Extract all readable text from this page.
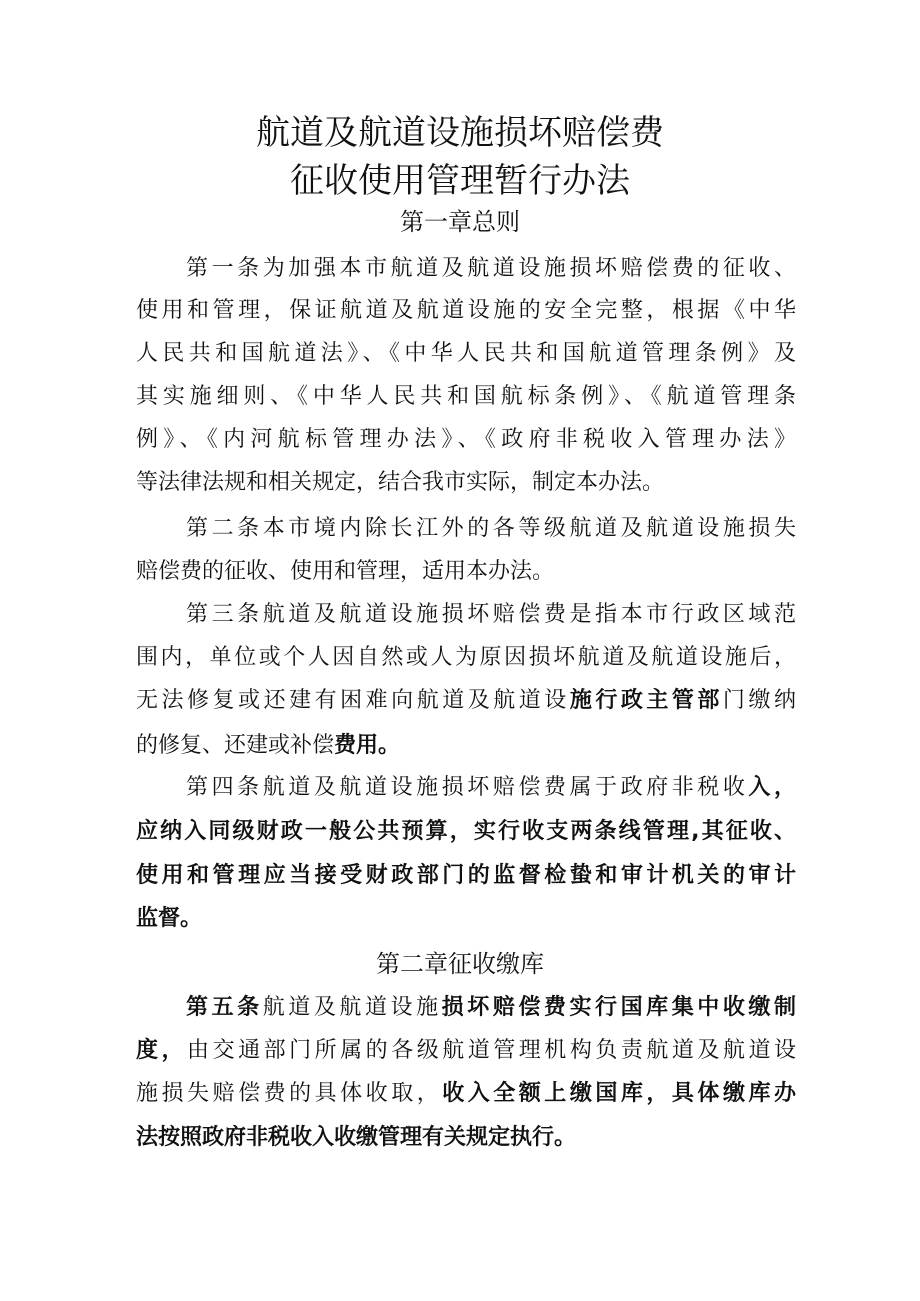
航道及航道设施损坏赔偿费
征收使用管理暂行办法
第一章总则
第一条为加强本市航道及航道设施损坏赔偿费的征收、
使用和管理，保证航道及航道设施的安全完整，根据《中华
人民共和国航道法》、《中华人民共和国航道管理条例》及
其实施细则、《中华人民共和国航标条例》、《航道管理条
例》、《内河航标管理办法》、《政府非税收入管理办法》
等法律法规和相关规定，结合我市实际，制定本办法。
第二条本市境内除长江外的各等级航道及航道设施损失
赔偿费的征收、使用和管理，适用本办法。
第三条航道及航道设施损坏赔偿费是指本市行政区域范
围内，单位或个人因自然或人为原因损坏航道及航道设施后，
无法修复或还建有困难向航道及航道设施行政主管部门缴纳
的修复、还建或补偿费用。
第四条航道及航道设施损坏赔偿费属于政府非税收入，
应纳入同级财政一般公共预算，实行收支两条线管理,其征收、
使用和管理应当接受财政部门的监督检蛰和审计机关的审计
监督。
第二章征收缴库
第五条航道及航道设施损坏赔偿费实行国库集中收缴制
度，由交通部门所属的各级航道管理机构负责航道及航道设
施损失赔偿费的具体收取，收入全额上缴国库，具体缴库办
法按照政府非税收入收缴管理有关规定执行。
